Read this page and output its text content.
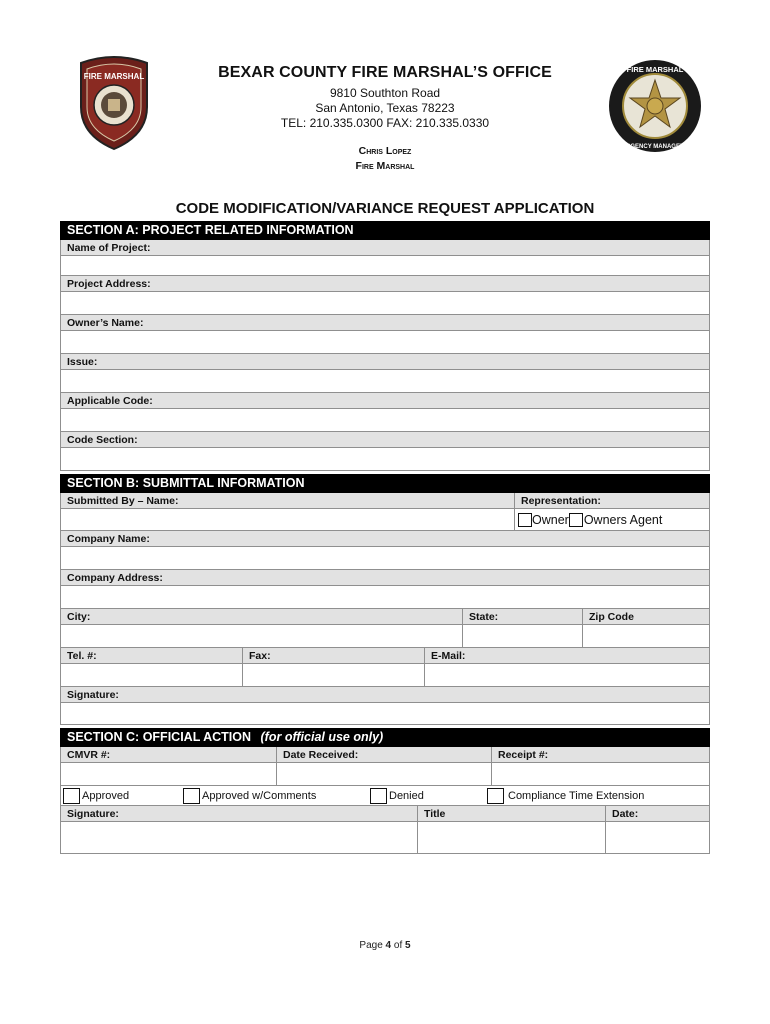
FIRE MARSHAL
FIRE MARSHAL
EMERGENCY MANAGEMENT
BEXAR COUNTY FIRE MARSHAL’S OFFICE
9810 Southton Road
San Antonio, Texas 78223
TEL: 210.335.0300 FAX: 210.335.0330
Chris Lopez
Fire Marshal
CODE MODIFICATION/VARIANCE REQUEST APPLICATION
SECTION A: PROJECT RELATED INFORMATION
Name of Project:
Project Address:
Owner’s Name:
Issue:
Applicable Code:
Code Section:
SECTION B: SUBMITTAL INFORMATION
Submitted By – Name:	Representation:
Owner Owners Agent
Company Name:
Company Address:
City:	State:	Zip Code
Tel. #:	Fax:	E-Mail:
Signature:
SECTION C: OFFICIAL ACTION (for official use only)
CMVR #:	Date Received:	Receipt #:
Approved	Approved w/Comments	Denied	Compliance Time Extension
Signature:	Title	Date:
Page 4 of 5
